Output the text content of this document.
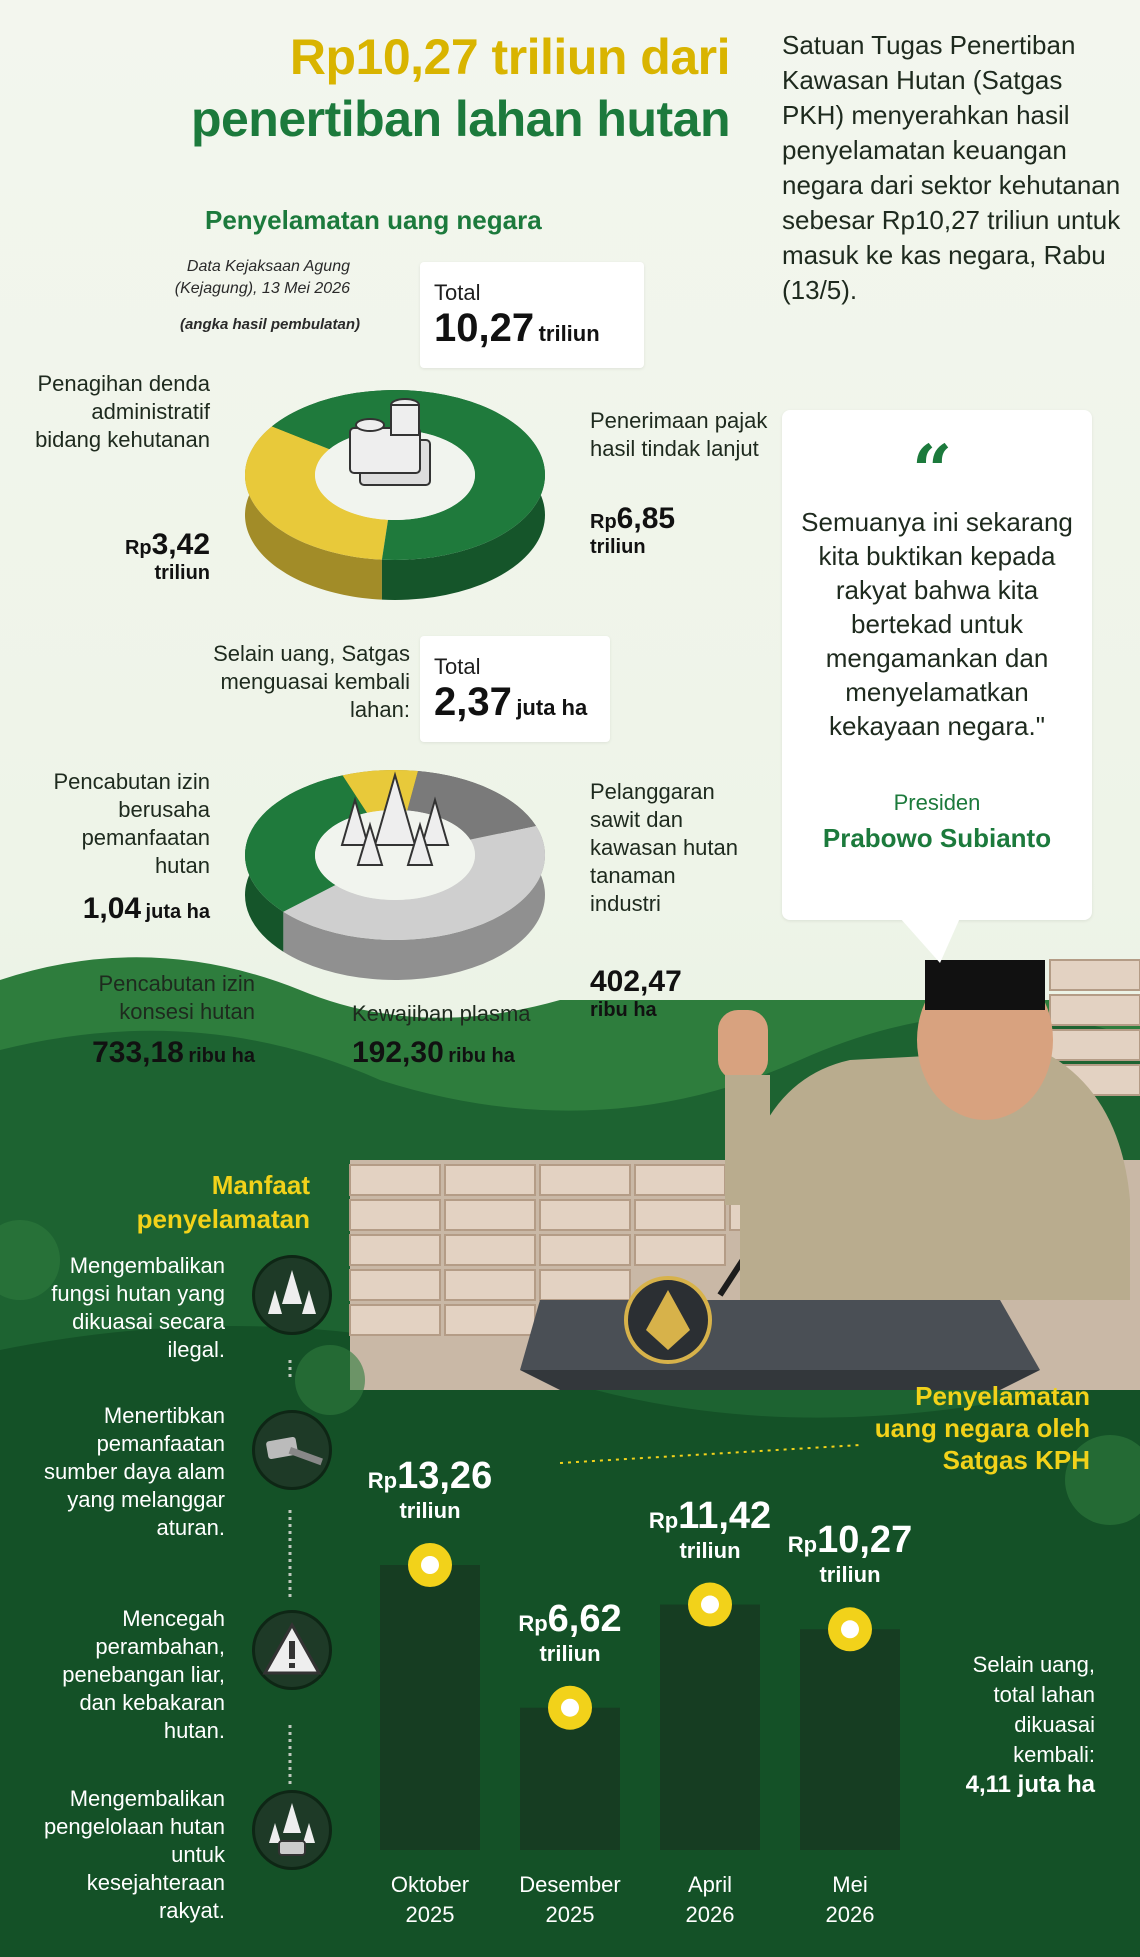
Rp10,27 triliun dari
penertiban lahan hutan
Satuan Tugas Penertiban Kawasan Hutan (Satgas PKH) menyerahkan hasil penyelamatan keuangan negara dari sektor kehutanan sebesar Rp10,27 triliun untuk masuk ke kas negara, Rabu (13/5).
Penyelamatan uang negara
Data Kejaksaan Agung (Kejagung), 13 Mei 2026
(angka hasil pembulatan)
Total
10,27 triliun
Penagihan denda administratif bidang kehutanan
Rp3,42
triliun
Penerimaan pajak hasil tindak lanjut
Rp6,85
triliun
Selain uang, Satgas menguasai kembali lahan:
Total
2,37 juta ha
Pencabutan izin berusaha pemanfaatan hutan
1,04 juta ha
Pencabutan izin konsesi hutan
733,18 ribu ha
Kewajiban plasma
192,30 ribu ha
Pelanggaran sawit dan kawasan hutan tanaman industri
402,47
ribu ha
“
Semuanya ini sekarang kita buktikan kepada rakyat bahwa kita bertekad untuk mengamankan dan menyelamatkan kekayaan negara."
Presiden
Prabowo Subianto
Manfaat penyelamatan
Mengembalikan fungsi hutan yang dikuasai secara ilegal.
Menertibkan pemanfaatan sumber daya alam yang melanggar aturan.
Mencegah perambahan, penebangan liar, dan kebakaran hutan.
Mengembalikan pengelolaan hutan untuk kesejahteraan rakyat.
Penyelamatan uang negara oleh Satgas KPH
Rp13,26
triliun
Oktober
2025
Rp6,62
triliun
Desember
2025
Rp11,42
triliun
April
2026
Rp10,27
triliun
Mei
2026
Selain uang, total lahan dikuasai kembali:
4,11 juta ha
